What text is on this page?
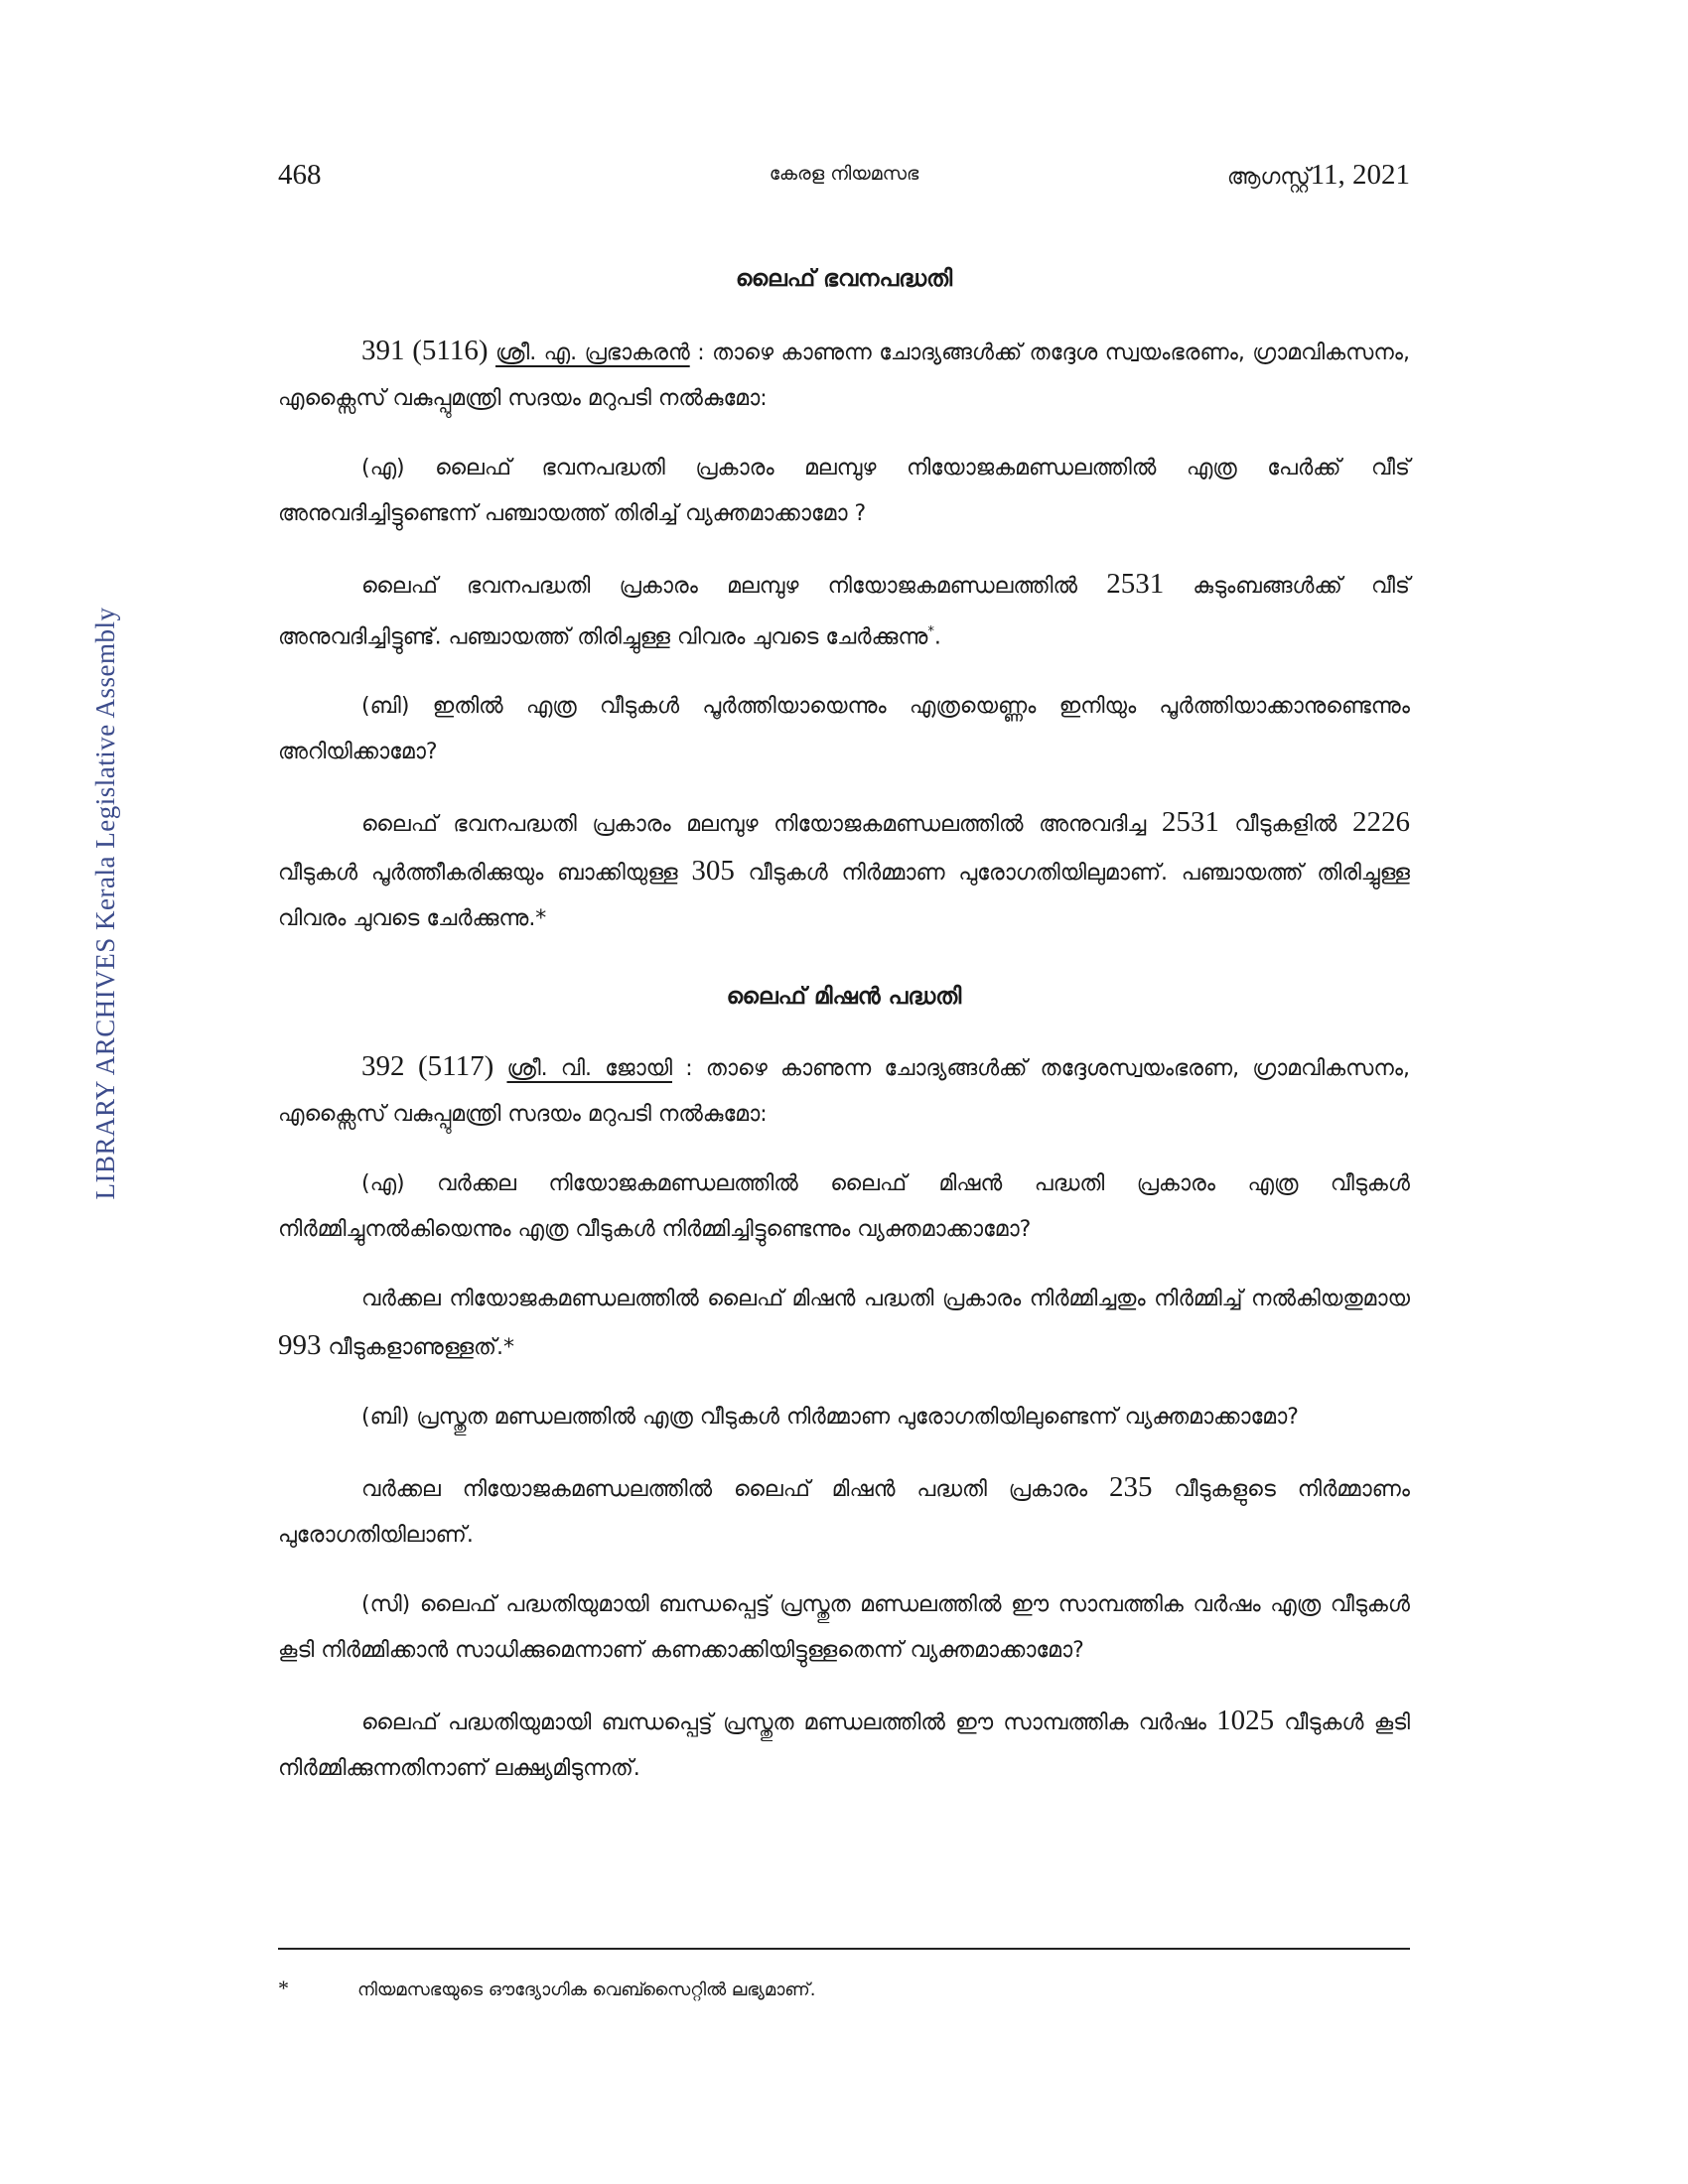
LIBRARY ARCHIVES Kerala Legislative Assembly
468	കേരള നിയമസഭ	ആഗസ്റ്റ്11, 2021
ലൈഫ് ഭവനപദ്ധതി

391 (5116) ശ്രീ. എ. പ്രഭാകരൻ : താഴെ കാണുന്ന ചോദ്യങ്ങൾക്ക് തദ്ദേശ സ്വയംഭരണം, ഗ്രാമവികസനം, എക്സൈസ് വകുപ്പുമന്ത്രി സദയം മറുപടി നൽകുമോ:

(എ) ലൈഫ് ഭവനപദ്ധതി പ്രകാരം മലമ്പുഴ നിയോജകമണ്ഡലത്തിൽ എത്ര പേർക്ക് വീട് അനുവദിച്ചിട്ടുണ്ടെന്ന് പഞ്ചായത്ത് തിരിച്ച് വ്യക്തമാക്കാമോ ?

ലൈഫ് ഭവനപദ്ധതി പ്രകാരം മലമ്പുഴ നിയോജകമണ്ഡലത്തിൽ 2531 കുടുംബങ്ങൾക്ക് വീട് അനുവദിച്ചിട്ടുണ്ട്. പഞ്ചായത്ത് തിരിച്ചുള്ള വിവരം ചുവടെ ചേർക്കുന്നു*.

(ബി) ഇതിൽ എത്ര വീടുകൾ പൂർത്തിയായെന്നും എത്രയെണ്ണം ഇനിയും പൂർത്തിയാക്കാനുണ്ടെന്നും അറിയിക്കാമോ?

ലൈഫ് ഭവനപദ്ധതി പ്രകാരം മലമ്പുഴ നിയോജകമണ്ഡലത്തിൽ അനുവദിച്ച 2531 വീടുകളിൽ 2226 വീടുകൾ പൂർത്തീകരിക്കുയും ബാക്കിയുള്ള 305 വീടുകൾ നിർമ്മാണ പുരോഗതിയിലുമാണ്. പഞ്ചായത്ത് തിരിച്ചുള്ള വിവരം ചുവടെ ചേർക്കുന്നു.*

ലൈഫ് മിഷൻ പദ്ധതി

392 (5117) ശ്രീ. വി. ജോയി : താഴെ കാണുന്ന ചോദ്യങ്ങൾക്ക് തദ്ദേശസ്വയംഭരണ, ഗ്രാമവികസനം, എക്സൈസ് വകുപ്പുമന്ത്രി സദയം മറുപടി നൽകുമോ:

(എ) വർക്കല നിയോജകമണ്ഡലത്തിൽ ലൈഫ് മിഷൻ പദ്ധതി പ്രകാരം എത്ര വീടുകൾ നിർമ്മിച്ചുനൽകിയെന്നും എത്ര വീടുകൾ നിർമ്മിച്ചിട്ടുണ്ടെന്നും വ്യക്തമാക്കാമോ?

വർക്കല നിയോജകമണ്ഡലത്തിൽ ലൈഫ് മിഷൻ പദ്ധതി പ്രകാരം നിർമ്മിച്ചതും നിർമ്മിച്ച് നൽകിയതുമായ 993 വീടുകളാണുള്ളത്.*

(ബി) പ്രസ്തുത മണ്ഡലത്തിൽ എത്ര വീടുകൾ നിർമ്മാണ പുരോഗതിയിലുണ്ടെന്ന് വ്യക്തമാക്കാമോ?

വർക്കല നിയോജകമണ്ഡലത്തിൽ ലൈഫ് മിഷൻ പദ്ധതി പ്രകാരം 235 വീടുകളുടെ നിർമ്മാണം പുരോഗതിയിലാണ്.

(സി) ലൈഫ് പദ്ധതിയുമായി ബന്ധപ്പെട്ട് പ്രസ്തുത മണ്ഡലത്തിൽ ഈ സാമ്പത്തിക വർഷം എത്ര വീടുകൾ കൂടി നിർമ്മിക്കാൻ സാധിക്കുമെന്നാണ് കണക്കാക്കിയിട്ടുള്ളതെന്ന് വ്യക്തമാക്കാമോ?

ലൈഫ് പദ്ധതിയുമായി ബന്ധപ്പെട്ട് പ്രസ്തുത മണ്ഡലത്തിൽ ഈ സാമ്പത്തിക വർഷം 1025 വീടുകൾ കൂടി നിർമ്മിക്കുന്നതിനാണ് ലക്ഷ്യമിടുന്നത്.

*	നിയമസഭയുടെ ഔദ്യോഗിക വെബ്സൈറ്റിൽ ലഭ്യമാണ്.
